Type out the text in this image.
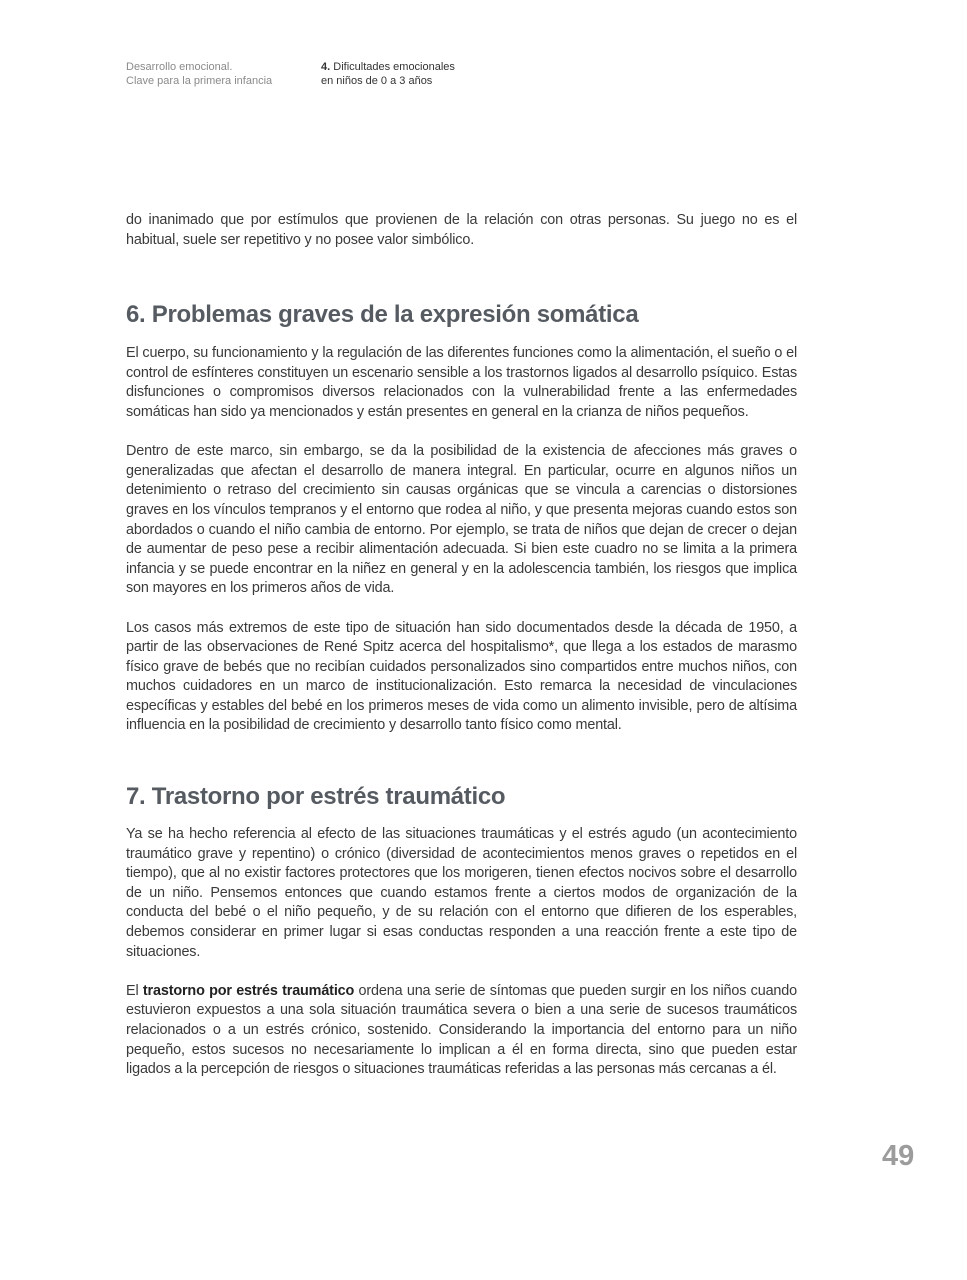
Desarrollo emocional.
Clave para la primera infancia
4. Dificultades emocionales
en niños de 0 a 3 años

do inanimado que por estímulos que provienen de la relación con otras personas. Su juego no es el habitual, suele ser repetitivo y no posee valor simbólico.

6. Problemas graves de la expresión somática

El cuerpo, su funcionamiento y la regulación de las diferentes funciones como la alimentación, el sueño o el control de esfínteres constituyen un escenario sensible a los trastornos ligados al desarrollo psíquico. Estas disfunciones o compromisos diversos relacionados con la vulnerabilidad frente a las enfermedades somáticas han sido ya mencionados y están presentes en general en la crianza de niños pequeños.

Dentro de este marco, sin embargo, se da la posibilidad de la existencia de afecciones más graves o generalizadas que afectan el desarrollo de manera integral. En particular, ocurre en algunos niños un detenimiento o retraso del crecimiento sin causas orgánicas que se vincula a carencias o distorsiones graves en los vínculos tempranos y el entorno que rodea al niño, y que presenta mejoras cuando estos son abordados o cuando el niño cambia de entorno. Por ejemplo, se trata de niños que dejan de crecer o dejan de aumentar de peso pese a recibir alimentación adecuada. Si bien este cuadro no se limita a la primera infancia y se puede encontrar en la niñez en general y en la adolescencia también, los riesgos que implica son mayores en los primeros años de vida.

Los casos más extremos de este tipo de situación han sido documentados desde la década de 1950, a partir de las observaciones de René Spitz acerca del hospitalismo*, que llega a los estados de marasmo físico grave de bebés que no recibían cuidados personalizados sino compartidos entre muchos niños, con muchos cuidadores en un marco de institucionalización. Esto remarca la necesidad de vinculaciones específicas y estables del bebé en los primeros meses de vida como un alimento invisible, pero de altísima influencia en la posibilidad de crecimiento y desarrollo tanto físico como mental.

7. Trastorno por estrés traumático

Ya se ha hecho referencia al efecto de las situaciones traumáticas y el estrés agudo (un acontecimiento traumático grave y repentino) o crónico (diversidad de acontecimientos menos graves o repetidos en el tiempo), que al no existir factores protectores que los morigeren, tienen efectos nocivos sobre el desarrollo de un niño. Pensemos entonces que cuando estamos frente a ciertos modos de organización de la conducta del bebé o el niño pequeño, y de su relación con el entorno que difieren de los esperables, debemos considerar en primer lugar si esas conductas responden a una reacción frente a este tipo de situaciones.

El trastorno por estrés traumático ordena una serie de síntomas que pueden surgir en los niños cuando estuvieron expuestos a una sola situación traumática severa o bien a una serie de sucesos traumáticos relacionados o a un estrés crónico, sostenido. Considerando la importancia del entorno para un niño pequeño, estos sucesos no necesariamente lo implican a él en forma directa, sino que pueden estar ligados a la percepción de riesgos o situaciones traumáticas referidas a las personas más cercanas a él.

49
